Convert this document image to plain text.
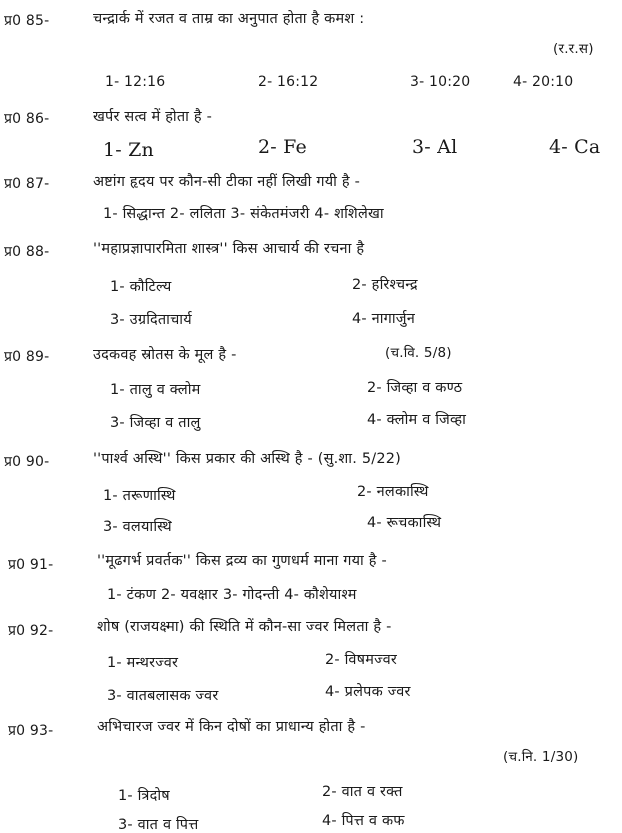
प्र0 85-	चन्द्रार्क में रजत व ताम्र का अनुपात होता है कमश :
(र.र.स)
1- 12:16	2- 16:12	3- 10:20	4- 20:10
प्र0 86-	खर्पर सत्व में होता है -
1- Zn	2- Fe	3- Al	4- Ca
प्र0 87-	अष्टांग हृदय पर कौन-सी टीका नहीं लिखी गयी है -
1- सिद्धान्त 2- ललिता 3- संकेतमंजरी 4- शशिलेखा
प्र0 88-	''महाप्रज्ञापारमिता शास्त्र'' किस आचार्य की रचना है
1- कौटिल्य	2- हरिश्चन्द्र
3- उग्रदिताचार्य	4- नागार्जुन
प्र0 89-	उदकवह स्रोतस के मूल है -	(च.वि. 5/8)
1- तालु व क्लोम	2- जिव्हा व कण्ठ
3- जिव्हा व तालु	4- क्लोम व जिव्हा
प्र0 90-	''पार्श्व अस्थि'' किस प्रकार की अस्थि है - (सु.शा. 5/22)
1- तरूणास्थि	2- नलकास्थि
3- वलयास्थि	4- रूचकास्थि
प्र0 91-	''मूढगर्भ प्रवर्तक'' किस द्रव्य का गुणधर्म माना गया है -
1- टंकण 2- यवक्षार 3- गोदन्ती 4- कौशेयाश्म
प्र0 92-	शोष (राजयक्ष्मा) की स्थिति में कौन-सा ज्वर मिलता है -
1- मन्थरज्वर	2- विषमज्वर
3- वातबलासक ज्वर	4- प्रलेपक ज्वर
प्र0 93-	अभिचारज ज्वर में किन दोषों का प्राधान्य होता है -
(च.नि. 1/30)
1- त्रिदोष	2- वात व रक्त
3- वात व पित्त	4- पित्त व कफ
